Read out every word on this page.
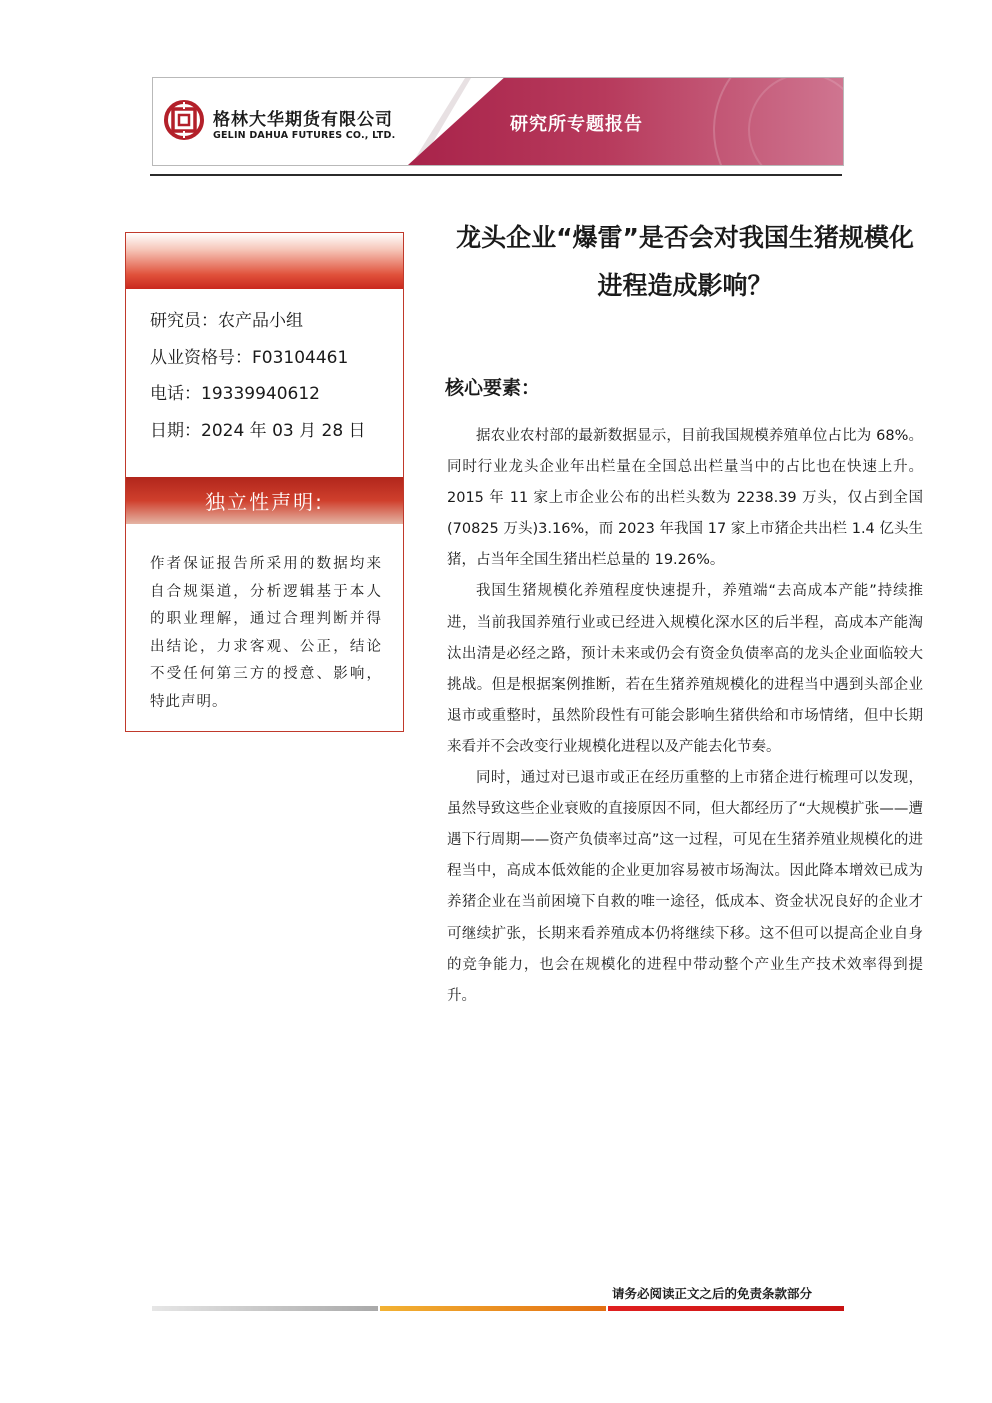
格林大华期货有限公司
GELIN DAHUA FUTURES CO., LTD.
研究所专题报告
研究员：农产品小组
从业资格号：F03104461
电话：19339940612
日期：2024 年 03 月 28 日
独立性声明:
作者保证报告所采用的数据均来自合规渠道，分析逻辑基于本人的职业理解，通过合理判断并得出结论，力求客观、公正，结论不受任何第三方的授意、影响，特此声明。
龙头企业“爆雷”是否会对我国生猪规模化进程造成影响？
核心要素：

据农业农村部的最新数据显示，目前我国规模养殖单位占比为 68%。同时行业龙头企业年出栏量在全国总出栏量当中的占比也在快速上升。2015 年 11 家上市企业公布的出栏头数为 2238.39 万头，仅占到全国(70825 万头)3.16%，而 2023 年我国 17 家上市猪企共出栏 1.4 亿头生猪，占当年全国生猪出栏总量的 19.26%。

我国生猪规模化养殖程度快速提升，养殖端“去高成本产能”持续推进，当前我国养殖行业或已经进入规模化深水区的后半程，高成本产能淘汰出清是必经之路，预计未来或仍会有资金负债率高的龙头企业面临较大挑战。但是根据案例推断，若在生猪养殖规模化的进程当中遇到头部企业退市或重整时，虽然阶段性有可能会影响生猪供给和市场情绪，但中长期来看并不会改变行业规模化进程以及产能去化节奏。

同时，通过对已退市或正在经历重整的上市猪企进行梳理可以发现，虽然导致这些企业衰败的直接原因不同，但大都经历了“大规模扩张——遭遇下行周期——资产负债率过高”这一过程，可见在生猪养殖业规模化的进程当中，高成本低效能的企业更加容易被市场淘汰。因此降本增效已成为养猪企业在当前困境下自救的唯一途径，低成本、资金状况良好的企业才可继续扩张，长期来看养殖成本仍将继续下移。这不但可以提高企业自身的竞争能力，也会在规模化的进程中带动整个产业生产技术效率得到提升。

请务必阅读正文之后的免责条款部分
